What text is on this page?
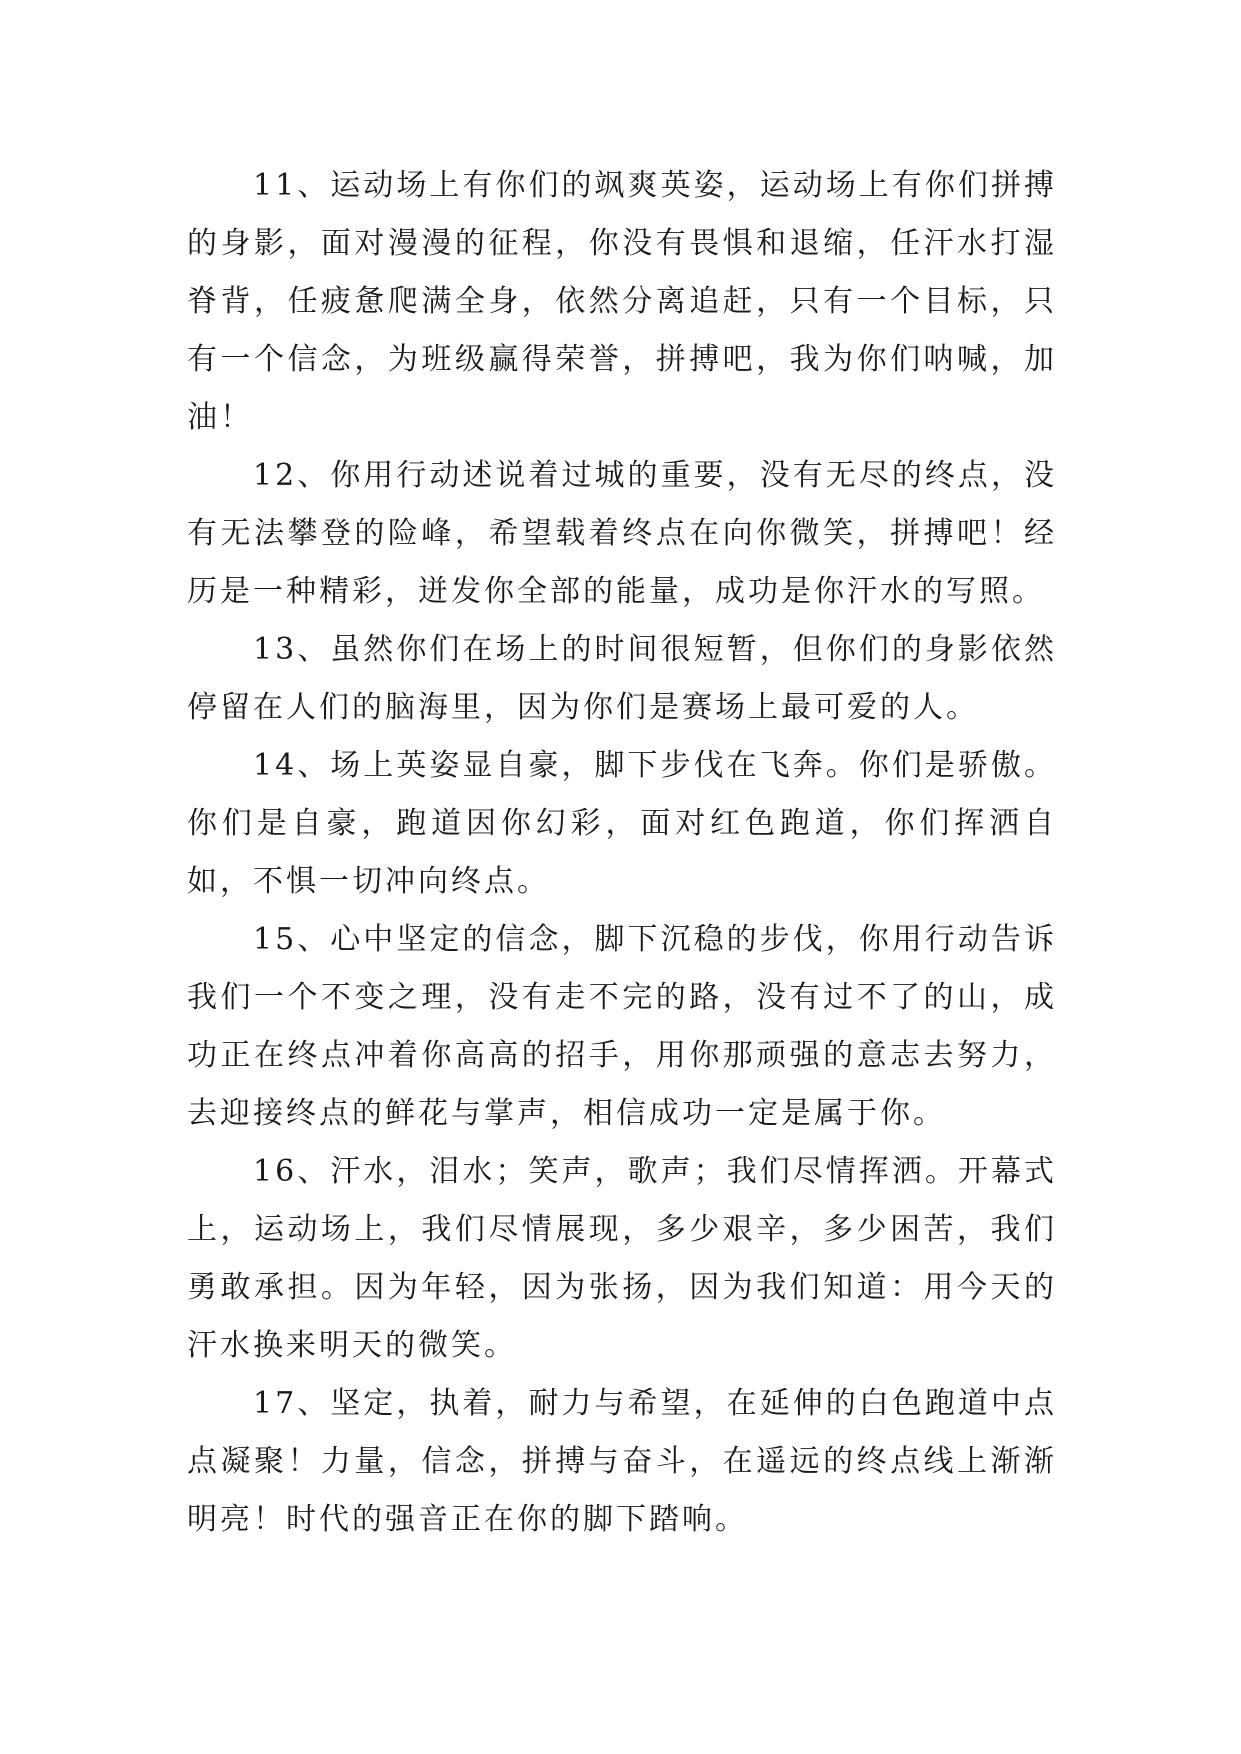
11、运动场上有你们的飒爽英姿，运动场上有你们拼搏的身影，面对漫漫的征程，你没有畏惧和退缩，任汗水打湿脊背，任疲惫爬满全身，依然分离追赶，只有一个目标，只有一个信念，为班级赢得荣誉，拼搏吧，我为你们呐喊，加油！

12、你用行动述说着过城的重要，没有无尽的终点，没有无法攀登的险峰，希望载着终点在向你微笑，拼搏吧！经历是一种精彩，迸发你全部的能量，成功是你汗水的写照。

13、虽然你们在场上的时间很短暂，但你们的身影依然停留在人们的脑海里，因为你们是赛场上最可爱的人。

14、场上英姿显自豪，脚下步伐在飞奔。你们是骄傲。你们是自豪，跑道因你幻彩，面对红色跑道，你们挥洒自如，不惧一切冲向终点。

15、心中坚定的信念，脚下沉稳的步伐，你用行动告诉我们一个不变之理，没有走不完的路，没有过不了的山，成功正在终点冲着你高高的招手，用你那顽强的意志去努力，去迎接终点的鲜花与掌声，相信成功一定是属于你。

16、汗水，泪水；笑声，歌声；我们尽情挥洒。开幕式上，运动场上，我们尽情展现，多少艰辛，多少困苦，我们勇敢承担。因为年轻，因为张扬，因为我们知道：用今天的汗水换来明天的微笑。

17、坚定，执着，耐力与希望，在延伸的白色跑道中点点凝聚！力量，信念，拼搏与奋斗，在遥远的终点线上渐渐明亮！时代的强音正在你的脚下踏响。
